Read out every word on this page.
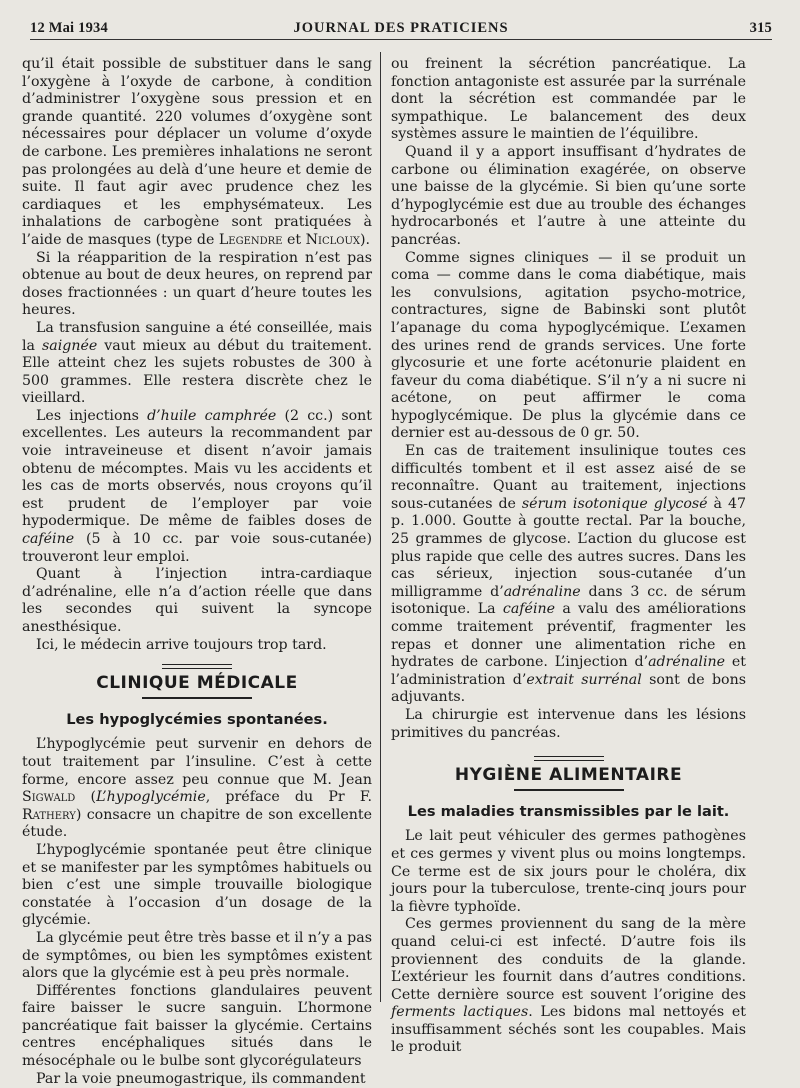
12 Mai 1934	JOURNAL DES PRATICIENS	315

qu’il était possible de substituer dans le sang l’oxygène à l’oxyde de carbone, à condition d’administrer l’oxygène sous pression et en grande quantité. 220 volumes d’oxygène sont nécessaires pour déplacer un volume d’oxyde de carbone. Les premières inhalations ne seront pas prolongées au delà d’une heure et demie de suite. Il faut agir avec prudence chez les cardiaques et les emphysémateux. Les inhalations de carbogène sont pratiquées à l’aide de masques (type de Legendre et Nicloux).

Si la réapparition de la respiration n’est pas obtenue au bout de deux heures, on reprend par doses fractionnées : un quart d’heure toutes les heures.

La transfusion sanguine a été conseillée, mais la saignée vaut mieux au début du traitement. Elle atteint chez les sujets robustes de 300 à 500 grammes. Elle restera discrète chez le vieillard.

Les injections d’huile camphrée (2 cc.) sont excellentes. Les auteurs la recommandent par voie intraveineuse et disent n’avoir jamais obtenu de mécomptes. Mais vu les accidents et les cas de morts observés, nous croyons qu’il est prudent de l’employer par voie hypodermique. De même de faibles doses de caféine (5 à 10 cc. par voie sous-cutanée) trouveront leur emploi.

Quant à l’injection intra-cardiaque d’adrénaline, elle n’a d’action réelle que dans les secondes qui suivent la syncope anesthésique.

Ici, le médecin arrive toujours trop tard.

CLINIQUE MÉDICALE
Les hypoglycémies spontanées.

L’hypoglycémie peut survenir en dehors de tout traitement par l’insuline. C’est à cette forme, encore assez peu connue que M. Jean Sigwald (L’hypoglycémie, préface du Pr F. Rathery) consacre un chapitre de son excellente étude.

L’hypoglycémie spontanée peut être clinique et se manifester par les symptômes habituels ou bien c’est une simple trouvaille biologique constatée à l’occasion d’un dosage de la glycémie.

La glycémie peut être très basse et il n’y a pas de symptômes, ou bien les symptômes existent alors que la glycémie est à peu près normale.

Différentes fonctions glandulaires peuvent faire baisser le sucre sanguin. L’hormone pancréatique fait baisser la glycémie. Certains centres encéphaliques situés dans le mésocéphale ou le bulbe sont glycorégulateurs

Par la voie pneumogastrique, ils commandent

ou freinent la sécrétion pancréatique. La fonction antagoniste est assurée par la surrénale dont la sécrétion est commandée par le sympathique. Le balancement des deux systèmes assure le maintien de l’équilibre.

Quand il y a apport insuffisant d’hydrates de carbone ou élimination exagérée, on observe une baisse de la glycémie. Si bien qu’une sorte d’hypoglycémie est due au trouble des échanges hydrocarbonés et l’autre à une atteinte du pancréas.

Comme signes cliniques — il se produit un coma — comme dans le coma diabétique, mais les convulsions, agitation psycho-motrice, contractures, signe de Babinski sont plutôt l’apanage du coma hypoglycémique. L’examen des urines rend de grands services. Une forte glycosurie et une forte acétonurie plaident en faveur du coma diabétique. S’il n’y a ni sucre ni acétone, on peut affirmer le coma hypoglycémique. De plus la glycémie dans ce dernier est au-dessous de 0 gr. 50.

En cas de traitement insulinique toutes ces difficultés tombent et il est assez aisé de se reconnaître. Quant au traitement, injections sous-cutanées de sérum isotonique glycosé à 47 p. 1.000. Goutte à goutte rectal. Par la bouche, 25 grammes de glycose. L’action du glucose est plus rapide que celle des autres sucres. Dans les cas sérieux, injection sous-cutanée d’un milligramme d’adrénaline dans 3 cc. de sérum isotonique. La caféine a valu des améliorations comme traitement préventif, fragmenter les repas et donner une alimentation riche en hydrates de carbone. L’injection d’adrénaline et l’administration d’extrait surrénal sont de bons adjuvants.

La chirurgie est intervenue dans les lésions primitives du pancréas.

HYGIÈNE ALIMENTAIRE
Les maladies transmissibles par le lait.

Le lait peut véhiculer des germes pathogènes et ces germes y vivent plus ou moins longtemps. Ce terme est de six jours pour le choléra, dix jours pour la tuberculose, trente-cinq jours pour la fièvre typhoïde.

Ces germes proviennent du sang de la mère quand celui-ci est infecté. D’autre fois ils proviennent des conduits de la glande. L’extérieur les fournit dans d’autres conditions. Cette dernière source est souvent l’origine des ferments lactiques. Les bidons mal nettoyés et insuffisamment séchés sont les coupables. Mais le produit
